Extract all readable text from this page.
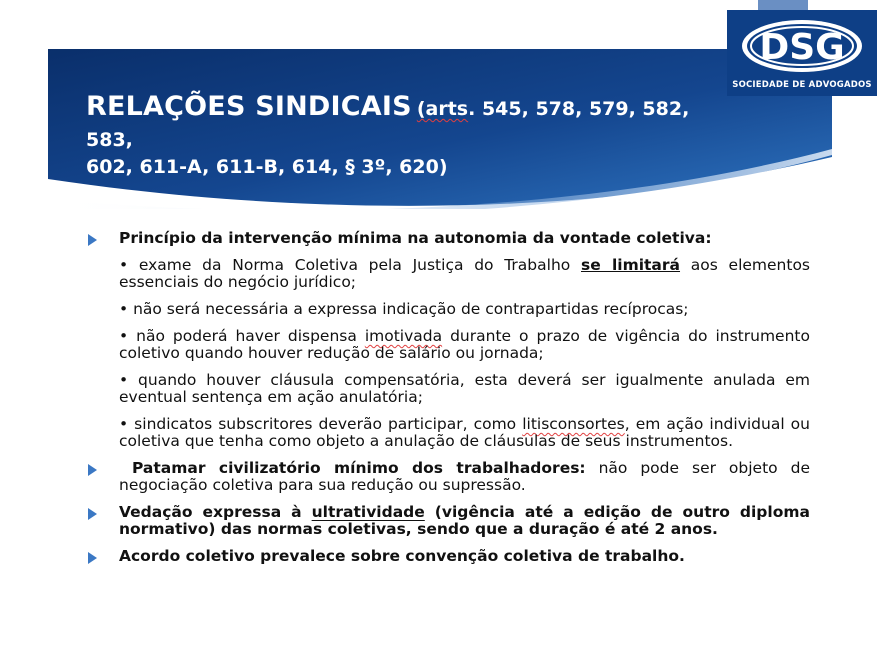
RELAÇÕES SINDICAIS (arts. 545, 578, 579, 582, 583,
602, 611-A, 611-B, 614, § 3º, 620)
DSG
SOCIEDADE DE ADVOGADOS
Princípio da intervenção mínima na autonomia da vontade coletiva:
• exame da Norma Coletiva pela Justiça do Trabalho se limitará aos elementos essenciais do negócio jurídico;
• não será necessária a expressa indicação de contrapartidas recíprocas;
• não poderá haver dispensa imotivada durante o prazo de vigência do instrumento coletivo quando houver redução de salário ou jornada;
• quando houver cláusula compensatória, esta deverá ser igualmente anulada em eventual sentença em ação anulatória;
• sindicatos subscritores deverão participar, como litisconsortes, em ação individual ou coletiva que tenha como objeto a anulação de cláusulas de seus instrumentos.
Patamar civilizatório mínimo dos trabalhadores: não pode ser objeto de negociação coletiva para sua redução ou supressão.
Vedação expressa à ultratividade (vigência até a edição de outro diploma normativo) das normas coletivas, sendo que a duração é até 2 anos.
Acordo coletivo prevalece sobre convenção coletiva de trabalho.
